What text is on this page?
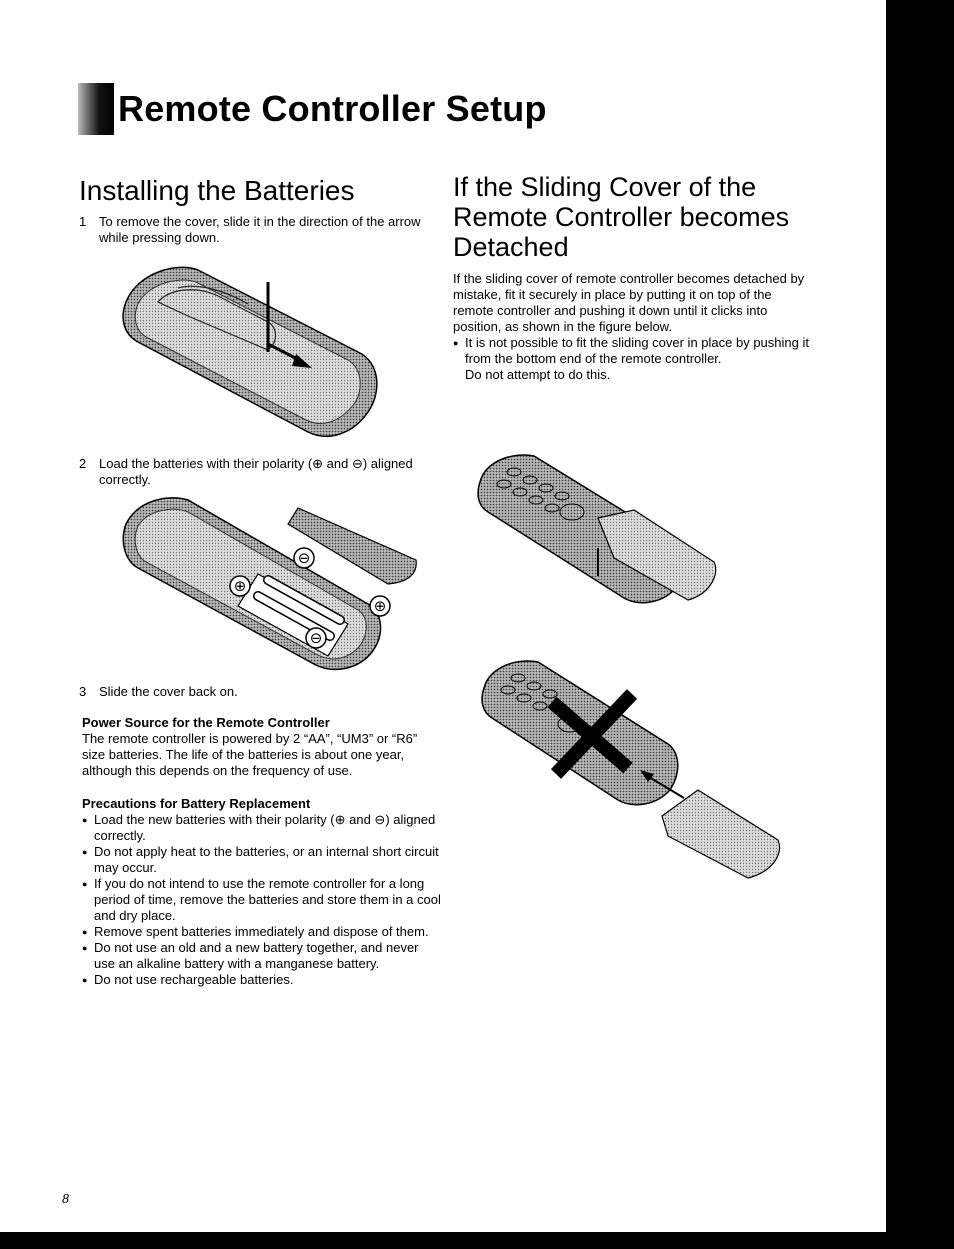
Remote Controller Setup
Installing the Batteries
1 To remove the cover, slide it in the direction of the arrow while pressing down.
2 Load the batteries with their polarity (⊕ and ⊖) aligned correctly.
⊖
⊕
⊕
⊖
3 Slide the cover back on.
Power Source for the Remote Controller
The remote controller is powered by 2 “AA”, “UM3” or “R6” size batteries. The life of the batteries is about one year, although this depends on the frequency of use.
Precautions for Battery Replacement
● Load the new batteries with their polarity (⊕ and ⊖) aligned correctly.
● Do not apply heat to the batteries, or an internal short circuit may occur.
● If you do not intend to use the remote controller for a long period of time, remove the batteries and store them in a cool and dry place.
● Remove spent batteries immediately and dispose of them.
● Do not use an old and a new battery together, and never use an alkaline battery with a manganese battery.
● Do not use rechargeable batteries.
If the Sliding Cover of the Remote Controller becomes Detached
If the sliding cover of remote controller becomes detached by mistake, fit it securely in place by putting it on top of the remote controller and pushing it down until it clicks into position, as shown in the figure below.
● It is not possible to fit the sliding cover in place by pushing it from the bottom end of the remote controller.
Do not attempt to do this.
8
